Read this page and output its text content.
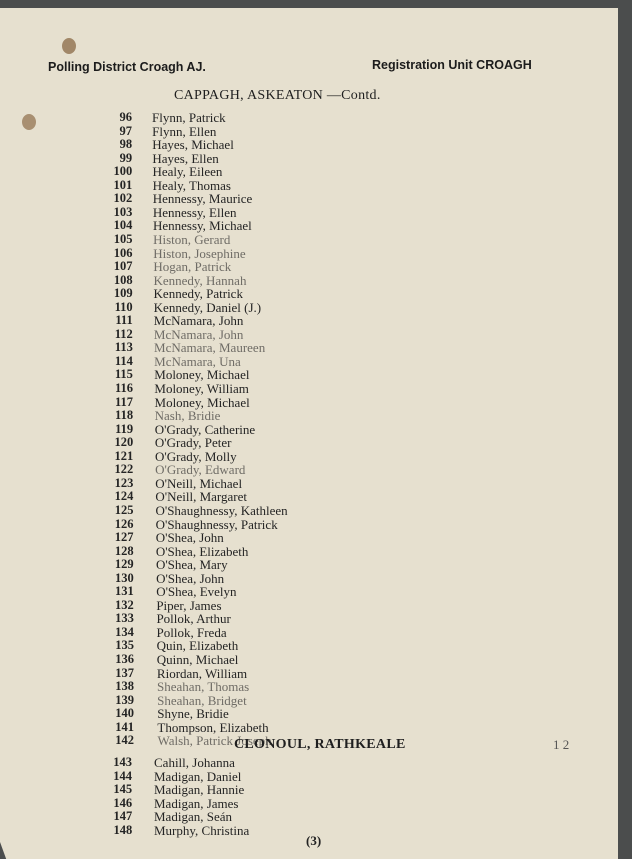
Polling District Croagh AJ.	Registration Unit CROAGH
CAPPAGH, ASKEATON —Contd.
96 Flynn, Patrick
97 Flynn, Ellen
98 Hayes, Michael
99 Hayes, Ellen
100 Healy, Eileen
101 Healy, Thomas
102 Hennessy, Maurice
103 Hennessy, Ellen
104 Hennessy, Michael
105 Histon, Gerard
106 Histon, Josephine
107 Hogan, Patrick
108 Kennedy, Hannah
109 Kennedy, Patrick
110 Kennedy, Daniel (J.)
111 McNamara, John
112 McNamara, John
113 McNamara, Maureen
114 McNamara, Una
115 Moloney, Michael
116 Moloney, William
117 Moloney, Michael
118 Nash, Bridie
119 O'Grady, Catherine
120 O'Grady, Peter
121 O'Grady, Molly
122 O'Grady, Edward
123 O'Neill, Michael
124 O'Neill, Margaret
125 O'Shaughnessy, Kathleen
126 O'Shaughnessy, Patrick
127 O'Shea, John
128 O'Shea, Elizabeth
129 O'Shea, Mary
130 O'Shea, John
131 O'Shea, Evelyn
132 Piper, James
133 Pollok, Arthur
134 Pollok, Freda
135 Quin, Elizabeth
136 Quinn, Michael
137 Riordan, William
138 Sheahan, Thomas
139 Sheahan, Bridget
140 Shyne, Bridie
141 Thompson, Elizabeth
142 Walsh, Patrick Joseph
CLONOUL, RATHKEALE
143 Cahill, Johanna
144 Madigan, Daniel
145 Madigan, Hannie
146 Madigan, James
147 Madigan, Seán
148 Murphy, Christina
1 2
(3)
